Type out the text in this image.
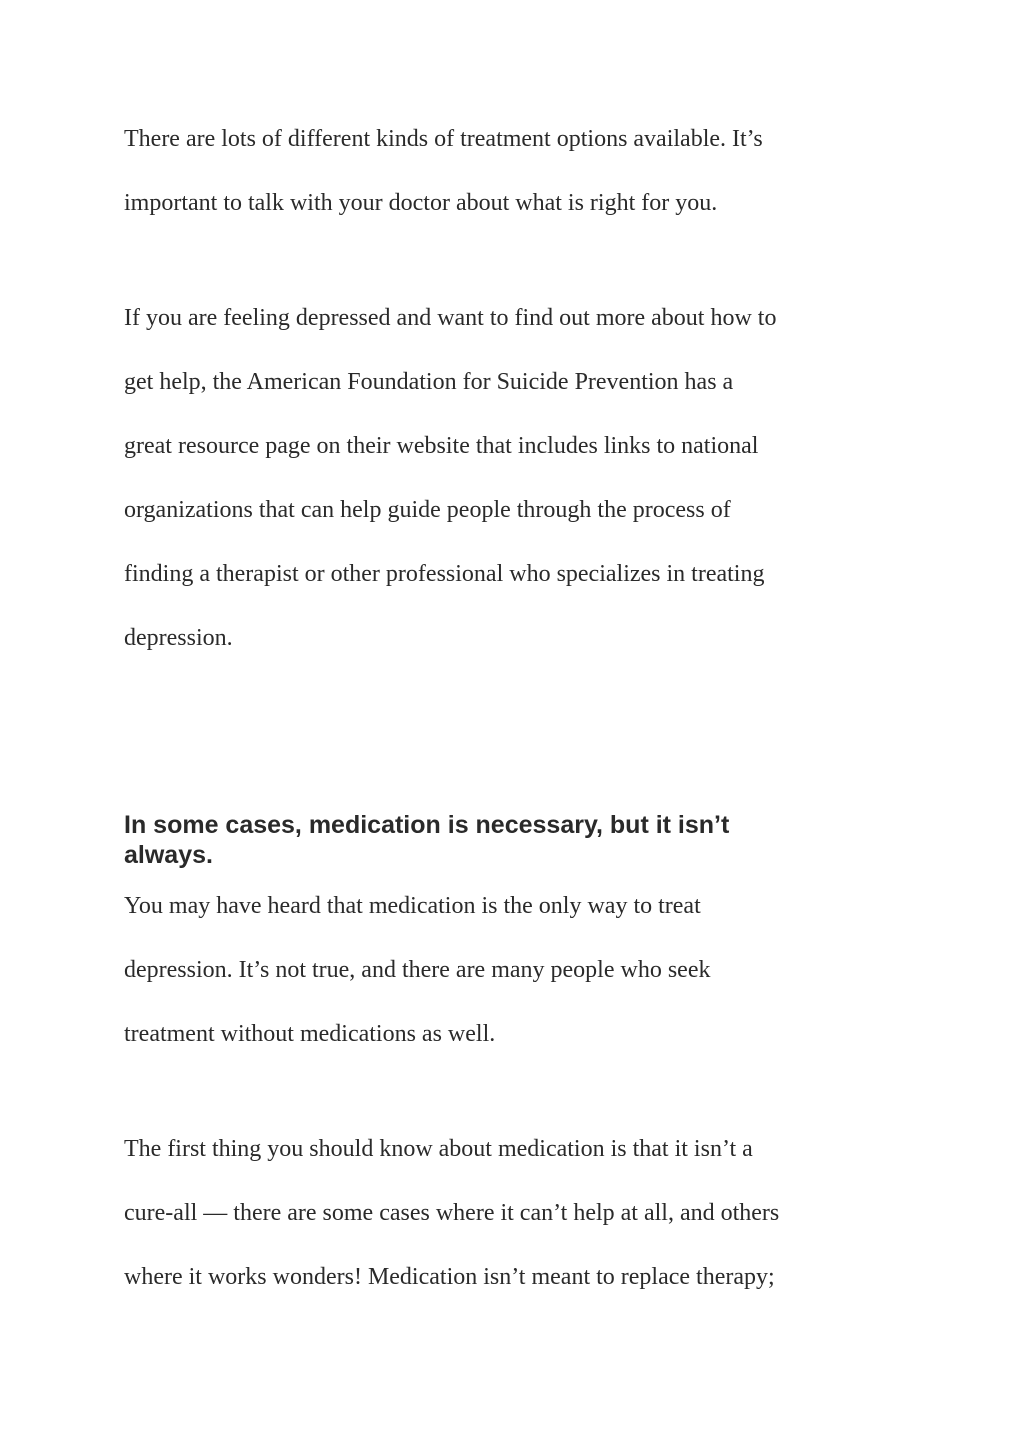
There are lots of different kinds of treatment options available. It’s
important to talk with your doctor about what is right for you.

If you are feeling depressed and want to find out more about how to
get help, the American Foundation for Suicide Prevention has a
great resource page on their website that includes links to national
organizations that can help guide people through the process of
finding a therapist or other professional who specializes in treating
depression.

In some cases, medication is necessary, but it isn’t
always.

You may have heard that medication is the only way to treat
depression. It’s not true, and there are many people who seek
treatment without medications as well.

The first thing you should know about medication is that it isn’t a
cure-all — there are some cases where it can’t help at all, and others
where it works wonders! Medication isn’t meant to replace therapy;
